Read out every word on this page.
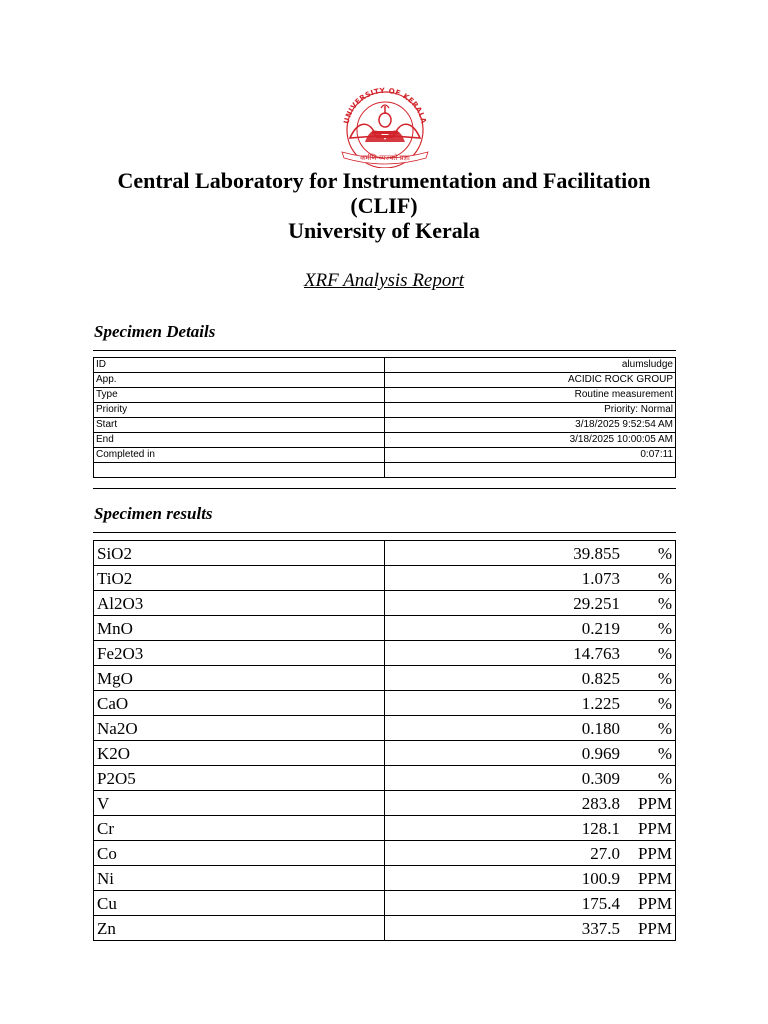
UNIVERSITY OF KERALA
कर्मणि व्यज्यते प्रज्ञा
Central Laboratory for Instrumentation and Facilitation
(CLIF)
University of Kerala
XRF Analysis Report
Specimen Details
ID	alumsludge
App.	ACIDIC ROCK GROUP
Type	Routine measurement
Priority	Priority: Normal
Start	3/18/2025 9:52:54 AM
End	3/18/2025 10:00:05 AM
Completed in	0:07:11

Specimen results
SiO2	39.855 %
TiO2	1.073 %
Al2O3	29.251 %
MnO	0.219 %
Fe2O3	14.763 %
MgO	0.825 %
CaO	1.225 %
Na2O	0.180 %
K2O	0.969 %
P2O5	0.309 %
V	283.8 PPM
Cr	128.1 PPM
Co	27.0 PPM
Ni	100.9 PPM
Cu	175.4 PPM
Zn	337.5 PPM
